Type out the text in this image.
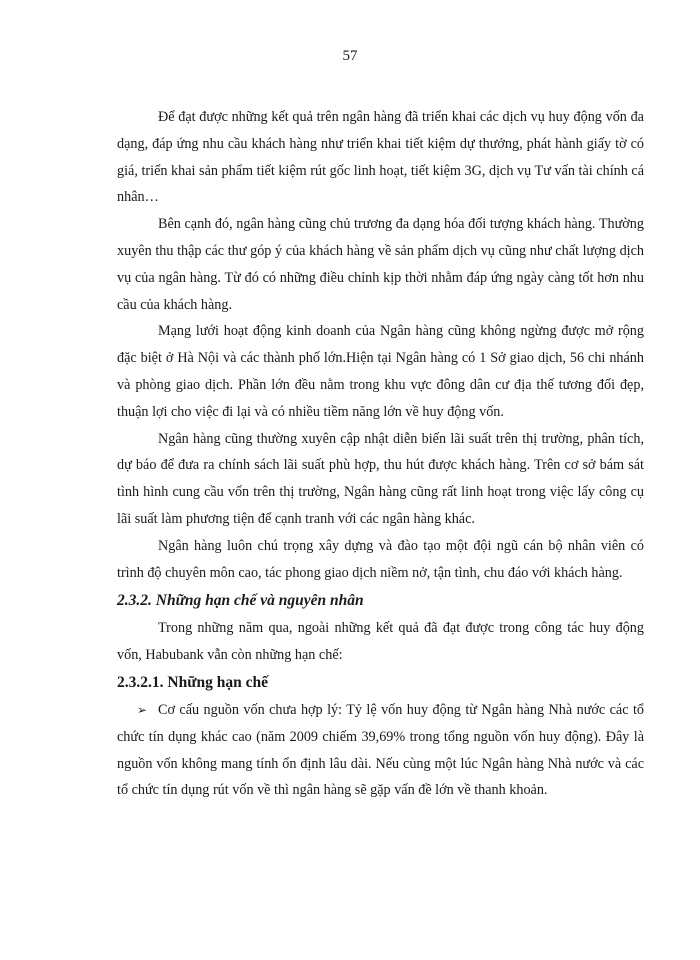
57

Để đạt được những kết quả trên ngân hàng đã triển khai các dịch vụ huy động vốn đa dạng, đáp ứng nhu cầu khách hàng như triển khai tiết kiệm dự thưởng, phát hành giấy tờ có giá, triển khai sản phẩm tiết kiệm rút gốc linh hoạt, tiết kiệm 3G, dịch vụ Tư vấn tài chính cá nhân…

Bên cạnh đó, ngân hàng cũng chủ trương đa dạng hóa đối tượng khách hàng. Thường xuyên thu thập các thư góp ý của khách hàng về sản phẩm dịch vụ cũng như chất lượng dịch vụ của ngân hàng. Từ đó có những điều chỉnh kịp thời nhằm đáp ứng ngày càng tốt hơn nhu cầu của khách hàng.

Mạng lưới hoạt động kinh doanh của Ngân hàng cũng không ngừng được mở rộng đặc biệt ở Hà Nội và các thành phố lớn.Hiện tại Ngân hàng có 1 Sở giao dịch, 56 chi nhánh và phòng giao dịch. Phần lớn đều nằm trong khu vực đông dân cư địa thế tương đối đẹp, thuận lợi cho việc đi lại và có nhiều tiềm năng lớn về huy động vốn.

Ngân hàng cũng thường xuyên cập nhật diễn biến lãi suất trên thị trường, phân tích, dự báo để đưa ra chính sách lãi suất phù hợp, thu hút được khách hàng. Trên cơ sở bám sát tình hình cung cầu vốn trên thị trường, Ngân hàng cũng rất linh hoạt trong việc lấy công cụ lãi suất làm phương tiện để cạnh tranh với các ngân hàng khác.

Ngân hàng luôn chú trọng xây dựng và đào tạo một đội ngũ cán bộ nhân viên có trình độ chuyên môn cao, tác phong giao dịch niềm nở, tận tình, chu đáo với khách hàng.

2.3.2. Những hạn chế và nguyên nhân

Trong những năm qua, ngoài những kết quả đã đạt được trong công tác huy động vốn, Habubank vẫn còn những hạn chế:

2.3.2.1. Những hạn chế
➢ Cơ cấu nguồn vốn chưa hợp lý: Tỷ lệ vốn huy động từ Ngân hàng Nhà nước các tổ chức tín dụng khác cao (năm 2009 chiếm 39,69% trong tổng nguồn vốn huy động). Đây là nguồn vốn không mang tính ổn định lâu dài. Nếu cùng một lúc Ngân hàng Nhà nước và các tổ chức tín dụng rút vốn về thì ngân hàng sẽ gặp vấn đề lớn về thanh khoản.
